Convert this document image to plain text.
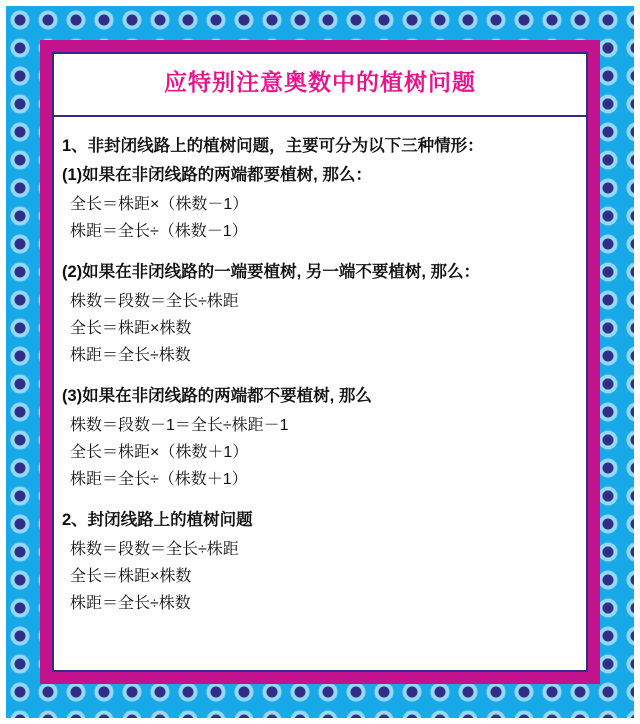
应特别注意奥数中的植树问题
1、非封闭线路上的植树问题，主要可分为以下三种情形：
(1)如果在非闭线路的两端都要植树, 那么：
全长＝株距×（株数－1）
株距＝全长÷（株数－1）
(2)如果在非闭线路的一端要植树, 另一端不要植树, 那么：
株数＝段数＝全长÷株距
全长＝株距×株数
株距＝全长÷株数
(3)如果在非闭线路的两端都不要植树, 那么
株数＝段数－1＝全长÷株距－1
全长＝株距×（株数＋1）
株距＝全长÷（株数＋1）
2、封闭线路上的植树问题
株数＝段数＝全长÷株距
全长＝株距×株数
株距＝全长÷株数
